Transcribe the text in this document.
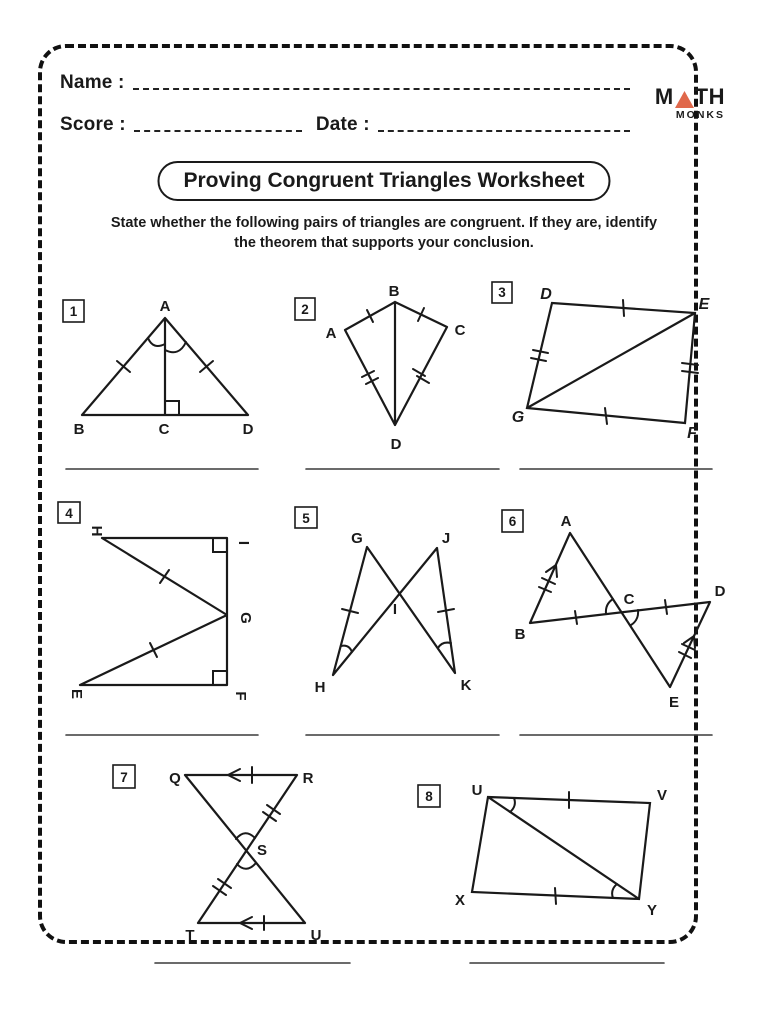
Name :
Score :	Date :
M TH
MONKS
Proving Congruent Triangles Worksheet
State whether the following pairs of triangles are congruent. If they are, identify
the theorem that supports your conclusion.
1	A
B	C	D
2
B
A	C
D
3 D
E
G
F
4
H
I
G
E	F
5
G	J
I
H	K
6	A
B
C	D
E
7	Q	R
S
T	U
8	U	V
X
Y
